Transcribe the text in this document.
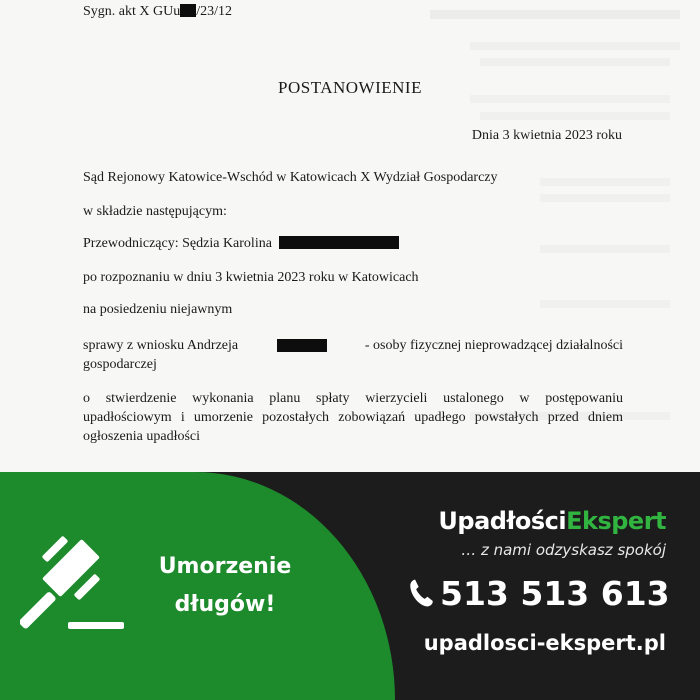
Sygn. akt X GUu /23/12
POSTANOWIENIE
Dnia 3 kwietnia 2023 roku
Sąd Rejonowy Katowice-Wschód w Katowicach X Wydział Gospodarczy
w składzie następującym:
Przewodniczący: Sędzia Karolina
po rozpoznaniu w dniu 3 kwietnia 2023 roku w Katowicach
na posiedzeniu niejawnym
sprawy z wniosku Andrzeja	- osoby fizycznej nieprowadzącej działalności
gospodarczej
o stwierdzenie wykonania planu spłaty wierzycieli ustalonego w postępowaniu
upadłościowym i umorzenie pozostałych zobowiązań upadłego powstałych przed dniem
ogłoszenia upadłości
Umorzenie
długów!
UpadłościEkspert
… z nami odzyskasz spokój
513 513 613
upadlosci-ekspert.pl
